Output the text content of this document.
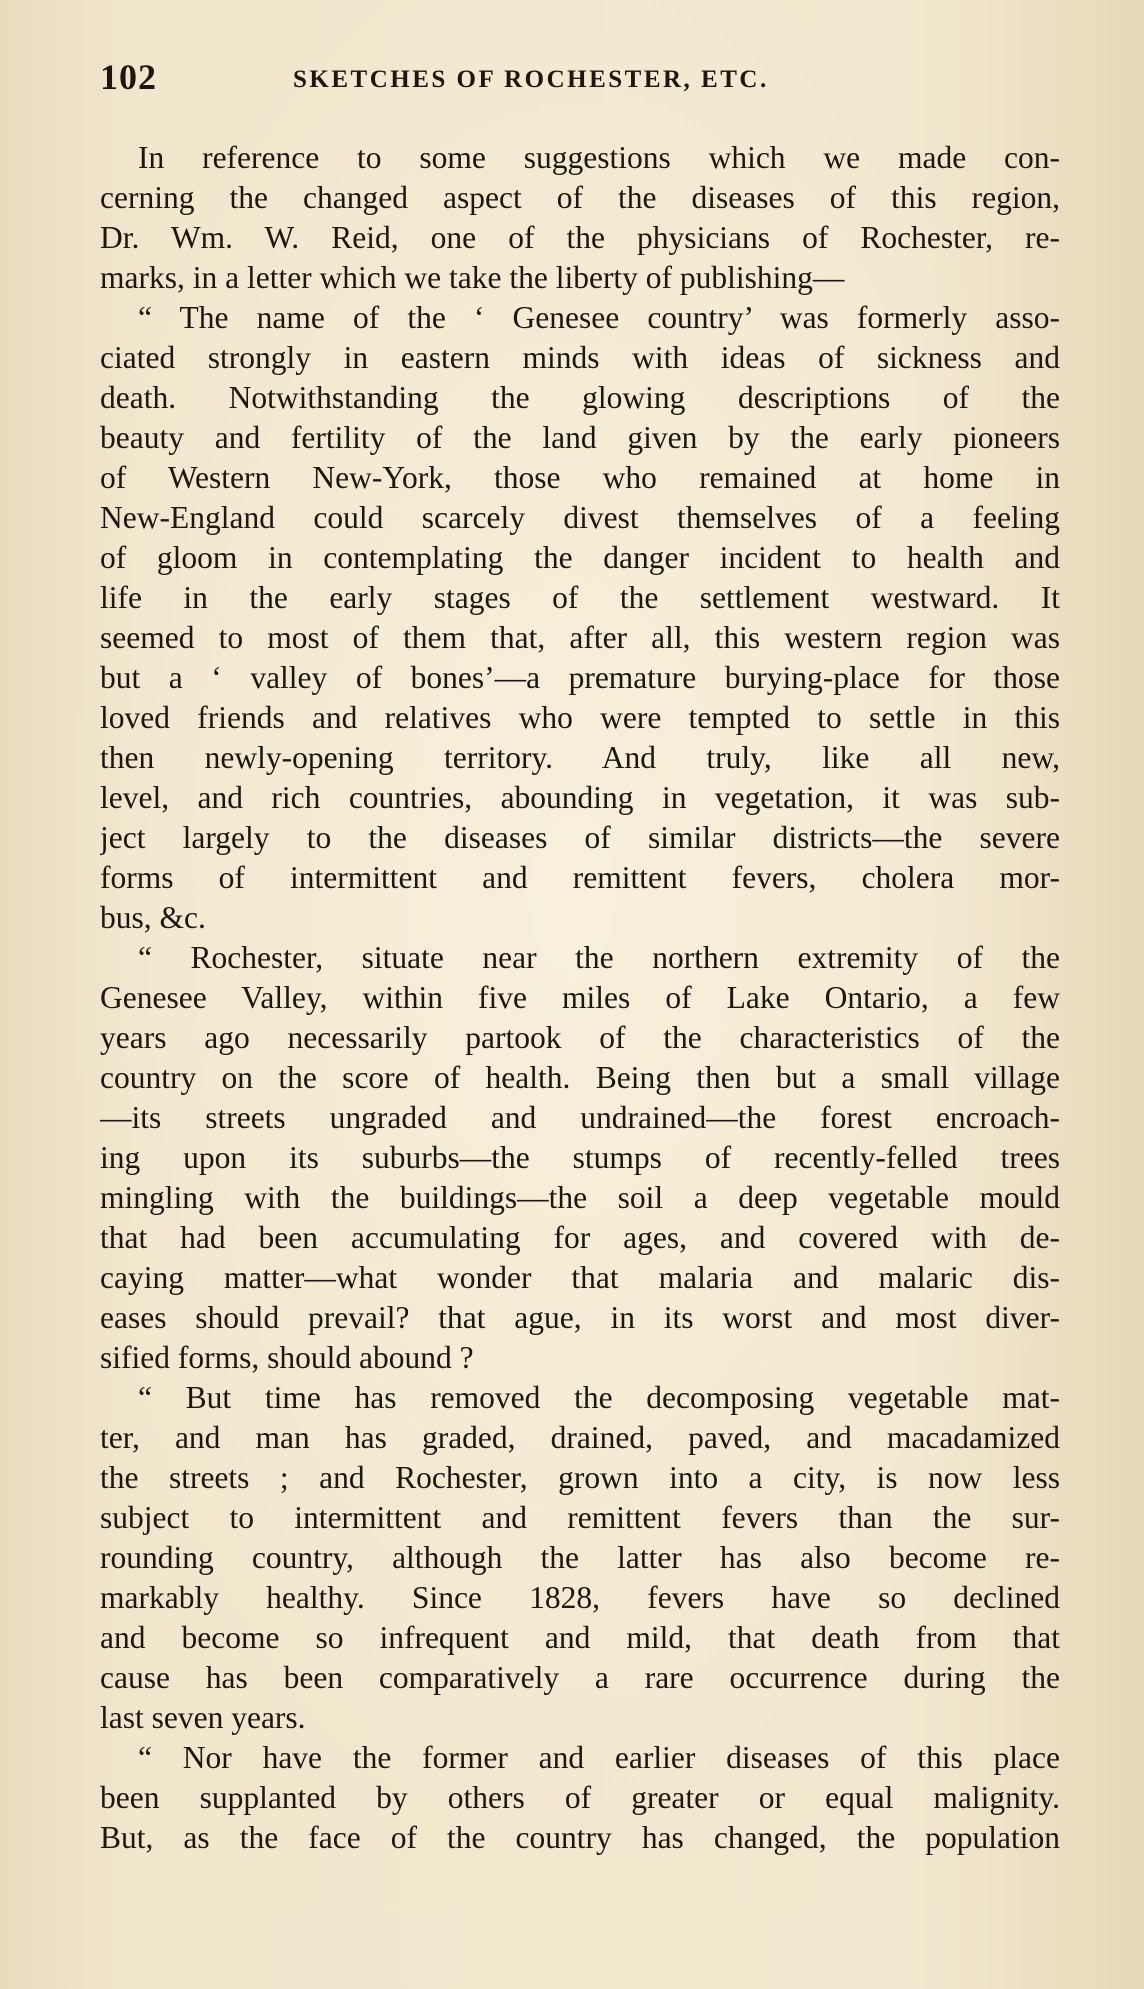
102	SKETCHES OF ROCHESTER, ETC.
In reference to some suggestions which we made con-
cerning the changed aspect of the diseases of this region,
Dr. Wm. W. Reid, one of the physicians of Rochester, re-
marks, in a letter which we take the liberty of publishing—
“ The name of the ‘ Genesee country’ was formerly asso-
ciated strongly in eastern minds with ideas of sickness and
death. Notwithstanding the glowing descriptions of the
beauty and fertility of the land given by the early pioneers
of Western New-York, those who remained at home in
New-England could scarcely divest themselves of a feeling
of gloom in contemplating the danger incident to health and
life in the early stages of the settlement westward. It
seemed to most of them that, after all, this western region was
but a ‘ valley of bones’—a premature burying-place for those
loved friends and relatives who were tempted to settle in this
then newly-opening territory. And truly, like all new,
level, and rich countries, abounding in vegetation, it was sub-
ject largely to the diseases of similar districts—the severe
forms of intermittent and remittent fevers, cholera mor-
bus, &c.
“ Rochester, situate near the northern extremity of the
Genesee Valley, within five miles of Lake Ontario, a few
years ago necessarily partook of the characteristics of the
country on the score of health. Being then but a small village
—its streets ungraded and undrained—the forest encroach-
ing upon its suburbs—the stumps of recently-felled trees
mingling with the buildings—the soil a deep vegetable mould
that had been accumulating for ages, and covered with de-
caying matter—what wonder that malaria and malaric dis-
eases should prevail? that ague, in its worst and most diver-
sified forms, should abound ?
“ But time has removed the decomposing vegetable mat-
ter, and man has graded, drained, paved, and macadamized
the streets ; and Rochester, grown into a city, is now less
subject to intermittent and remittent fevers than the sur-
rounding country, although the latter has also become re-
markably healthy. Since 1828, fevers have so declined
and become so infrequent and mild, that death from that
cause has been comparatively a rare occurrence during the
last seven years.
“ Nor have the former and earlier diseases of this place
been supplanted by others of greater or equal malignity.
But, as the face of the country has changed, the population
